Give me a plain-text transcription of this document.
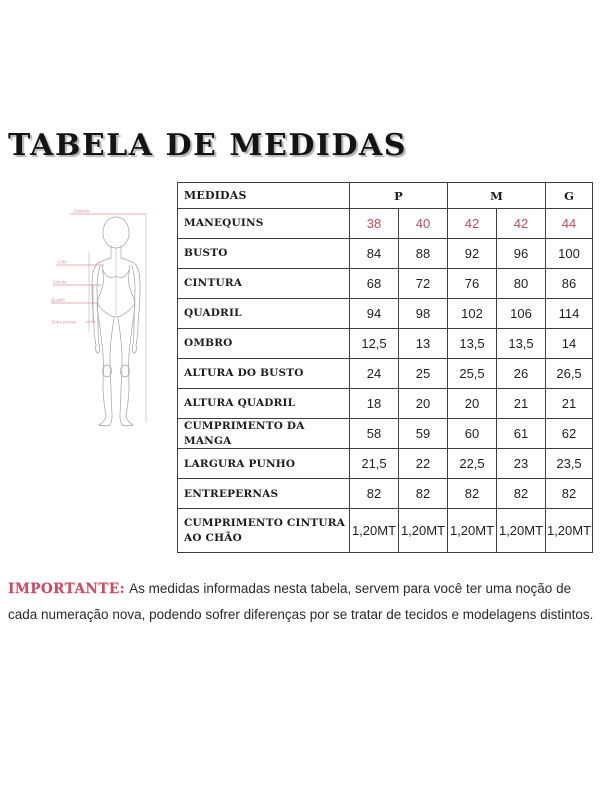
TABELA DE MEDIDAS
Estatura
Colo
Cintura
Quadril
Entre pernas
MEDIDAS	P		M		G
MANEQUINS	38	40	42	42	44
BUSTO	84	88	92	96	100
CINTURA	68	72	76	80	86
QUADRIL	94	98	102	106	114
OMBRO	12,5	13	13,5	13,5	14
ALTURA DO BUSTO	24	25	25,5	26	26,5
ALTURA QUADRIL	18	20	20	21	21
CUMPRIMENTO DA MANGA	58	59	60	61	62
LARGURA PUNHO	21,5	22	22,5	23	23,5
ENTREPERNAS	82	82	82	82	82
CUMPRIMENTO CINTURA AO CHÃO	1,20MT	1,20MT	1,20MT	1,20MT	1,20MT

IMPORTANTE: As medidas informadas nesta tabela, servem para você ter uma noção de cada numeração nova, podendo sofrer diferenças por se tratar de tecidos e modelagens distintos.
